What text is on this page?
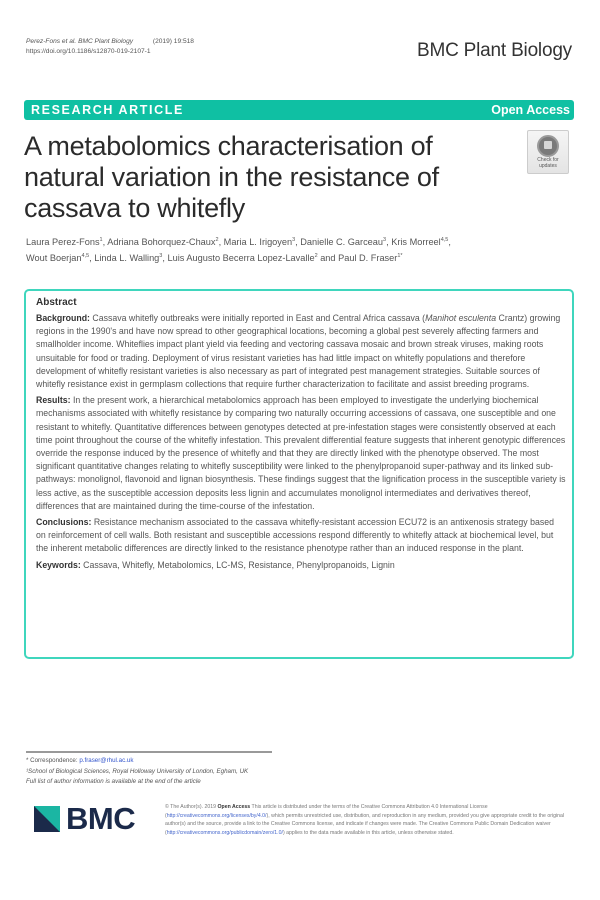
Perez-Fons et al. BMC Plant Biology	(2019) 19:518
https://doi.org/10.1186/s12870-019-2107-1	BMC Plant Biology
RESEARCH ARTICLE	Open Access
A metabolomics characterisation of natural variation in the resistance of cassava to whitefly
Check for
updates
Laura Perez-Fons$^1$, Adriana Bohorquez-Chaux$^2$, Maria L. Irigoyen$^3$, Danielle C. Garceau$^3$, Kris Morreel$^{4,5}$,
Wout Boerjan$^{4,5}$, Linda L. Walling$^3$, Luis Augusto Becerra Lopez-Lavalle$^2$ and Paul D. Fraser$^{1*}$
Abstract

Background: Cassava whitefly outbreaks were initially reported in East and Central Africa cassava (Manihot esculenta Crantz) growing regions in the 1990's and have now spread to other geographical locations, becoming a global pest severely affecting farmers and smallholder income. Whiteflies impact plant yield via feeding and vectoring cassava mosaic and brown streak viruses, making roots unsuitable for food or trading. Deployment of virus resistant varieties has had little impact on whitefly populations and therefore development of whitefly resistant varieties is also necessary as part of integrated pest management strategies. Suitable sources of whitefly resistance exist in germplasm collections that require further characterization to facilitate and assist breeding programs.

Results: In the present work, a hierarchical metabolomics approach has been employed to investigate the underlying biochemical mechanisms associated with whitefly resistance by comparing two naturally occurring accessions of cassava, one susceptible and one resistant to whitefly. Quantitative differences between genotypes detected at pre-infestation stages were consistently observed at each time point throughout the course of the whitefly infestation. This prevalent differential feature suggests that inherent genotypic differences override the response induced by the presence of whitefly and that they are directly linked with the phenotype observed. The most significant quantitative changes relating to whitefly susceptibility were linked to the phenylpropanoid super-pathway and its linked sub-pathways: monolignol, flavonoid and lignan biosynthesis. These findings suggest that the lignification process in the susceptible variety is less active, as the susceptible accession deposits less lignin and accumulates monolignol intermediates and derivatives thereof, differences that are maintained during the time-course of the infestation.

Conclusions: Resistance mechanism associated to the cassava whitefly-resistant accession ECU72 is an antixenosis strategy based on reinforcement of cell walls. Both resistant and susceptible accessions respond differently to whitefly attack at biochemical level, but the inherent metabolic differences are directly linked to the resistance phenotype rather than an induced response in the plant.

Keywords: Cassava, Whitefly, Metabolomics, LC-MS, Resistance, Phenylpropanoids, Lignin

* Correspondence: p.fraser@rhul.ac.uk
¹School of Biological Sciences, Royal Holloway University of London, Egham, UK
Full list of author information is available at the end of the article
BMC	© The Author(s). 2019 Open Access This article is distributed under the terms of the Creative Commons Attribution 4.0 International License (http://creativecommons.org/licenses/by/4.0/), which permits unrestricted use, distribution, and reproduction in any medium, provided you give appropriate credit to the original author(s) and the source, provide a link to the Creative Commons license, and indicate if changes were made. The Creative Commons Public Domain Dedication waiver (http://creativecommons.org/publicdomain/zero/1.0/) applies to the data made available in this article, unless otherwise stated.
